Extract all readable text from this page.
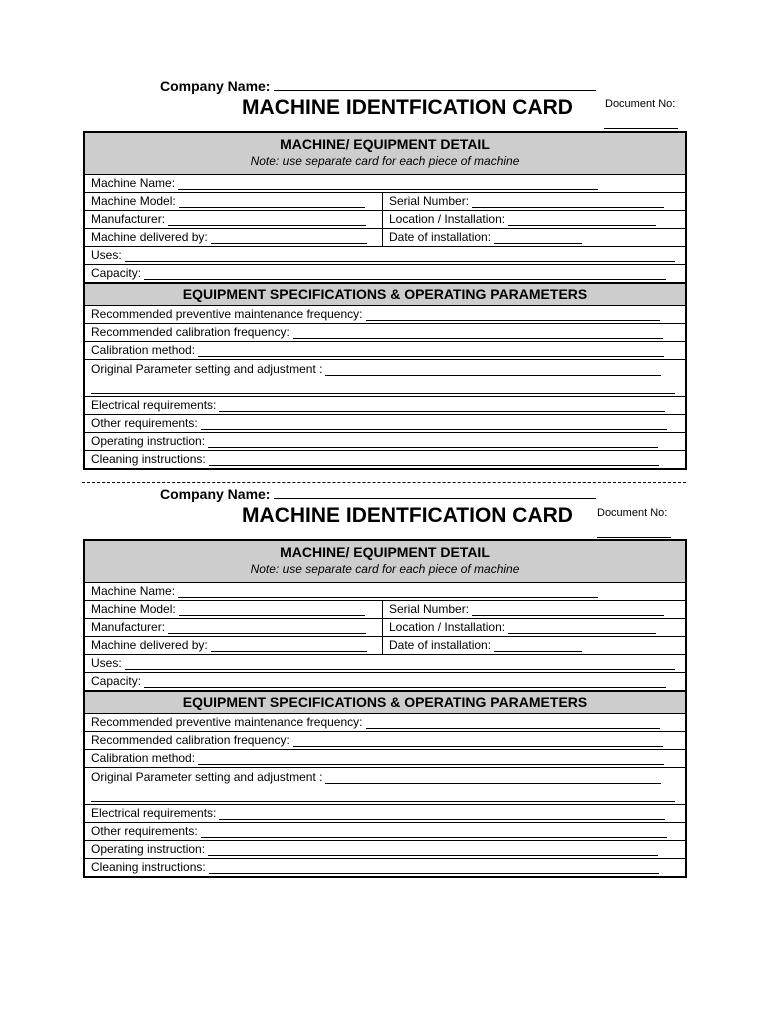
Company Name:
MACHINE IDENTFICATION CARD	Document No:
MACHINE/ EQUIPMENT DETAIL
Note: use separate card for each piece of machine
Machine Name:
Machine Model:	Serial Number:
Manufacturer:	Location / Installation:
Machine delivered by:	Date of installation:
Uses:
Capacity:
EQUIPMENT SPECIFICATIONS & OPERATING PARAMETERS
Recommended preventive maintenance frequency:
Recommended calibration frequency:
Calibration method:
Original Parameter setting and adjustment :
Electrical requirements:
Other requirements:
Operating instruction:
Cleaning instructions:
Company Name:
MACHINE IDENTFICATION CARD	Document No:
MACHINE/ EQUIPMENT DETAIL
Note: use separate card for each piece of machine
Machine Name:
Machine Model:	Serial Number:
Manufacturer:	Location / Installation:
Machine delivered by:	Date of installation:
Uses:
Capacity:
EQUIPMENT SPECIFICATIONS & OPERATING PARAMETERS
Recommended preventive maintenance frequency:
Recommended calibration frequency:
Calibration method:
Original Parameter setting and adjustment :
Electrical requirements:
Other requirements:
Operating instruction:
Cleaning instructions:
